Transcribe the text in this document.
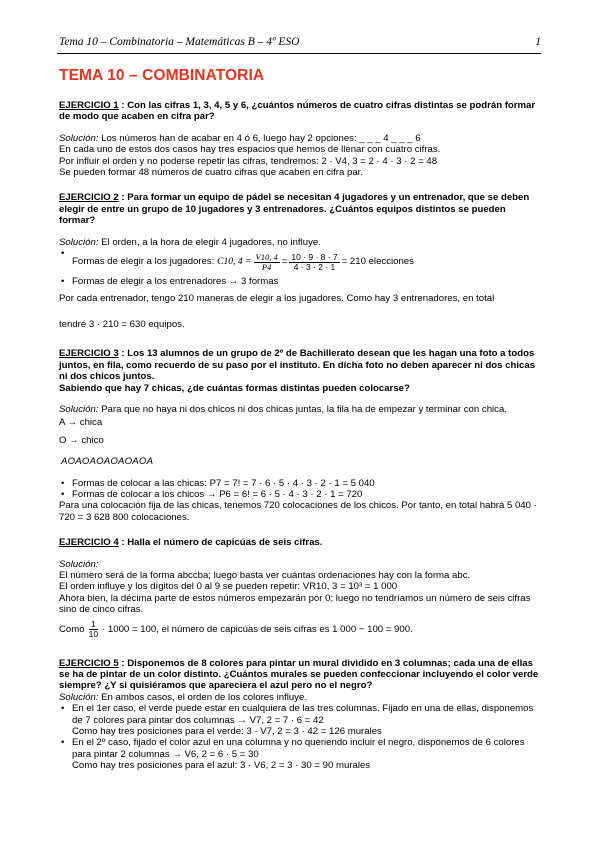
Tema 10 – Combinatoria – Matemáticas B – 4º ESO	1
TEMA 10 – COMBINATORIA

EJERCICIO 1 : Con las cifras 1, 3, 4, 5 y 6, ¿cuántos números de cuatro cifras distintas se podrán formar de modo que acaben en cifra par?

Solución: Los números han de acabar en 4 ó 6, luego hay 2 opciones: _ _ _ 4 _ _ _ 6

En cada uno de estos dos casos hay tres espacios que hemos de llenar con cuatro cifras.

Por influir el orden y no poderse repetir las cifras, tendremos: 2 · V4, 3 = 2 · 4 · 3 · 2 = 48

Se pueden formar 48 números de cuatro cifras que acaben en cifra par.

EJERCICIO 2 : Para formar un equipo de pádel se necesitan 4 jugadores y un entrenador, que se deben elegir de entre un grupo de 10 jugadores y 3 entrenadores. ¿Cuántos equipos distintos se pueden formar?

Solución: El orden, a la hora de elegir 4 jugadores, no influye.

• Formas de elegir a los jugadores:
C10, $4 = \frac{V10, 4}{P4} = \frac{10 \cdot 9 \cdot 8 \cdot 7}{4 \cdot 3 \cdot 2 \cdot 1} = 210$ elecciones

• Formas de elegir a los entrenadores → 3 formas

Por cada entrenador, tengo 210 maneras de elegir a los jugadores. Como hay 3 entrenadores, en total

tendré 3 · 210 = 630 equipos.

EJERCICIO 3 : Los 13 alumnos de un grupo de 2º de Bachillerato desean que les hagan una foto a todos juntos, en fila, como recuerdo de su paso por el instituto. En dicha foto no deben aparecer ni dos chicas ni dos chicos juntos.

Sabiendo que hay 7 chicas, ¿de cuántas formas distintas pueden colocarse?

Solución: Para que no haya ni dos chicos ni dos chicas juntas, la fila ha de empezar y terminar con chica.

A → chica

O → chico

AOAOAOAOAOAOA

• Formas de colocar a las chicas: P7 = 7! = 7 · 6 · 5 · 4 · 3 · 2 · 1 = 5 040

• Formas de colocar a los chicos → P6 = 6! = 6 · 5 · 4 · 3 · 2 · 1 = 720

Para una colocación fija de las chicas, tenemos 720 colocaciones de los chicos. Por tanto, en total habrá 5 040 · 720 = 3 628 800 colocaciones.

EJERCICIO 4 : Halla el número de capicúas de seis cifras.

Solución:

El número será de la forma abccba; luego basta ver cuántas ordenaciones hay con la forma abc.

El orden influye y los dígitos del 0 al 9 se pueden repetir: VR10, 3 = 10³ = 1 000

Ahora bien, la décima parte de estos números empezarán por 0; luego no tendríamos un número de seis cifras sino de cinco cifras.

Como $\frac{1}{10} \cdot 1000 = 100$, el número de capicúas de seis cifras es 1 000 − 100 = 900.

EJERCICIO 5 : Disponemos de 8 colores para pintar un mural dividido en 3 columnas; cada una de ellas se ha de pintar de un color distinto. ¿Cuántos murales se pueden confeccionar incluyendo el color verde siempre? ¿Y si quisiéramos que apareciera el azul pero no el negro?

Solución: En ambos casos, el orden de los colores influye.

• En el 1er caso, el verde puede estar en cualquiera de las tres columnas. Fijado en una de ellas, disponemos de 7 colores para pintar dos columnas → V7, 2 = 7 · 6 = 42

Como hay tres posiciones para el verde: 3 · V7, 2 = 3 · 42 = 126 murales

• En el 2º caso, fijado el color azul en una columna y no queriendo incluir el negro, disponemos de 6 colores para pintar 2 columnas → V6, 2 = 6 · 5 = 30

Como hay tres posiciones para el azul: 3 · V6, 2 = 3 · 30 = 90 murales
